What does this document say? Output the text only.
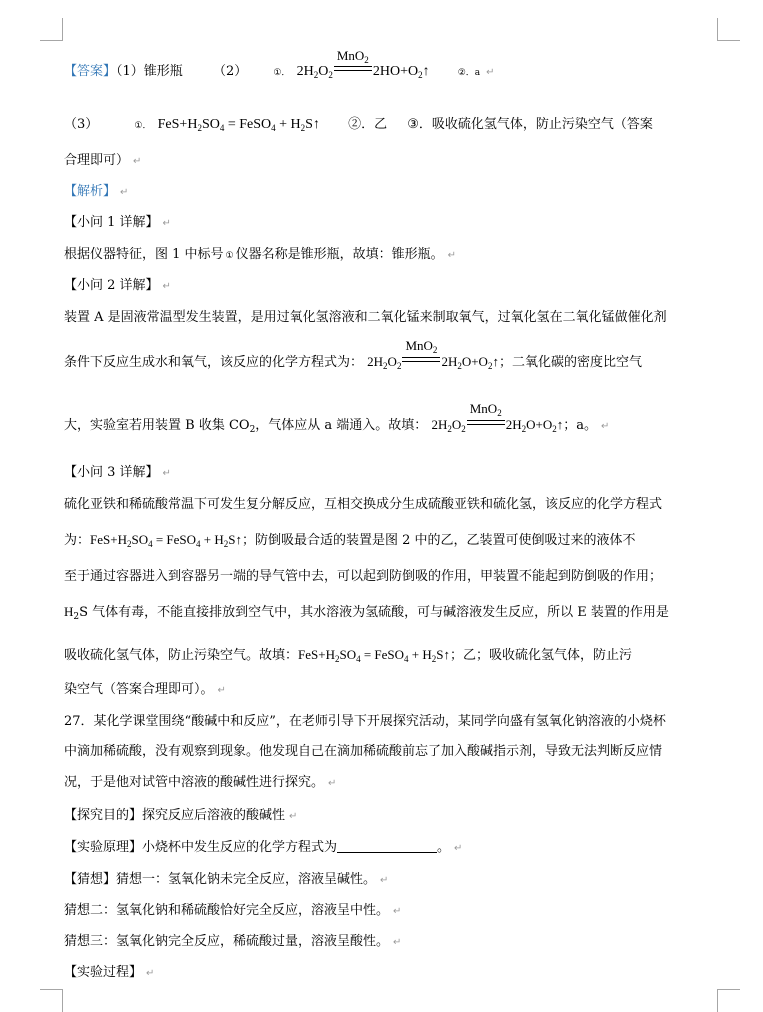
【答案】（1）锥形瓶 （2）	①． $2H_2O_2$
MnO$_2$
$2HO+O_2↑$	②．a ↵
（3）	①． $FeS+H_2SO_4$ = FeSO$_4$ + $H_2S↑$ ②．乙 ③．吸收硫化氢气体，防止污染空气（答案
合理即可） ↵
【解析】 ↵
【小问 1 详解】 ↵
根据仪器特征，图 1 中标号 ① 仪器名称是锥形瓶，故填：锥形瓶。 ↵
【小问 2 详解】 ↵
装置 A 是固液常温型发生装置，是用过氧化氢溶液和二氧化锰来制取氧气，过氧化氢在二氧化锰做催化剂
条件下反应生成水和氧气，该反应的化学方程式为： $2H_2O_2$
MnO$_2$
$2H_2O+O_2↑$；二氧化碳的密度比空气
大，实验室若用装置 B 收集 $CO_2$，气体应从 a 端通入。故填： $2H_2O_2$
MnO$_2$
$2H_2O+O_2↑$；a。 ↵
【小问 3 详解】 ↵
硫化亚铁和稀硫酸常温下可发生复分解反应，互相交换成分生成硫酸亚铁和硫化氢，该反应的化学方程式
为：$FeS+H_2SO_4$ = FeSO$_4$ + $H_2S↑$；防倒吸最合适的装置是图 2 中的乙，乙装置可使倒吸过来的液体不
至于通过容器进入到容器另一端的导气管中去，可以起到防倒吸的作用，甲装置不能起到防倒吸的作用；
$H_2S$ 气体有毒，不能直接排放到空气中，其水溶液为氢硫酸，可与碱溶液发生反应，所以 E 装置的作用是
吸收硫化氢气体，防止污染空气。故填：$FeS+H_2SO_4$ = FeSO$_4$ + $H_2S↑$；乙；吸收硫化氢气体，防止污
染空气（答案合理即可）。 ↵
27．某化学课堂围绕“酸碱中和反应”，在老师引导下开展探究活动，某同学向盛有氢氧化钠溶液的小烧杯
中滴加稀硫酸，没有观察到现象。他发现自己在滴加稀硫酸前忘了加入酸碱指示剂，导致无法判断反应情
况，于是他对试管中溶液的酸碱性进行探究。 ↵
【探究目的】探究反应后溶液的酸碱性 ↵
【实验原理】小烧杯中发生反应的化学方程式为	。 ↵
【猜想】猜想一：氢氧化钠未完全反应，溶液呈碱性。 ↵
猜想二：氢氧化钠和稀硫酸恰好完全反应，溶液呈中性。 ↵
猜想三：氢氧化钠完全反应，稀硫酸过量，溶液呈酸性。 ↵
【实验过程】 ↵
